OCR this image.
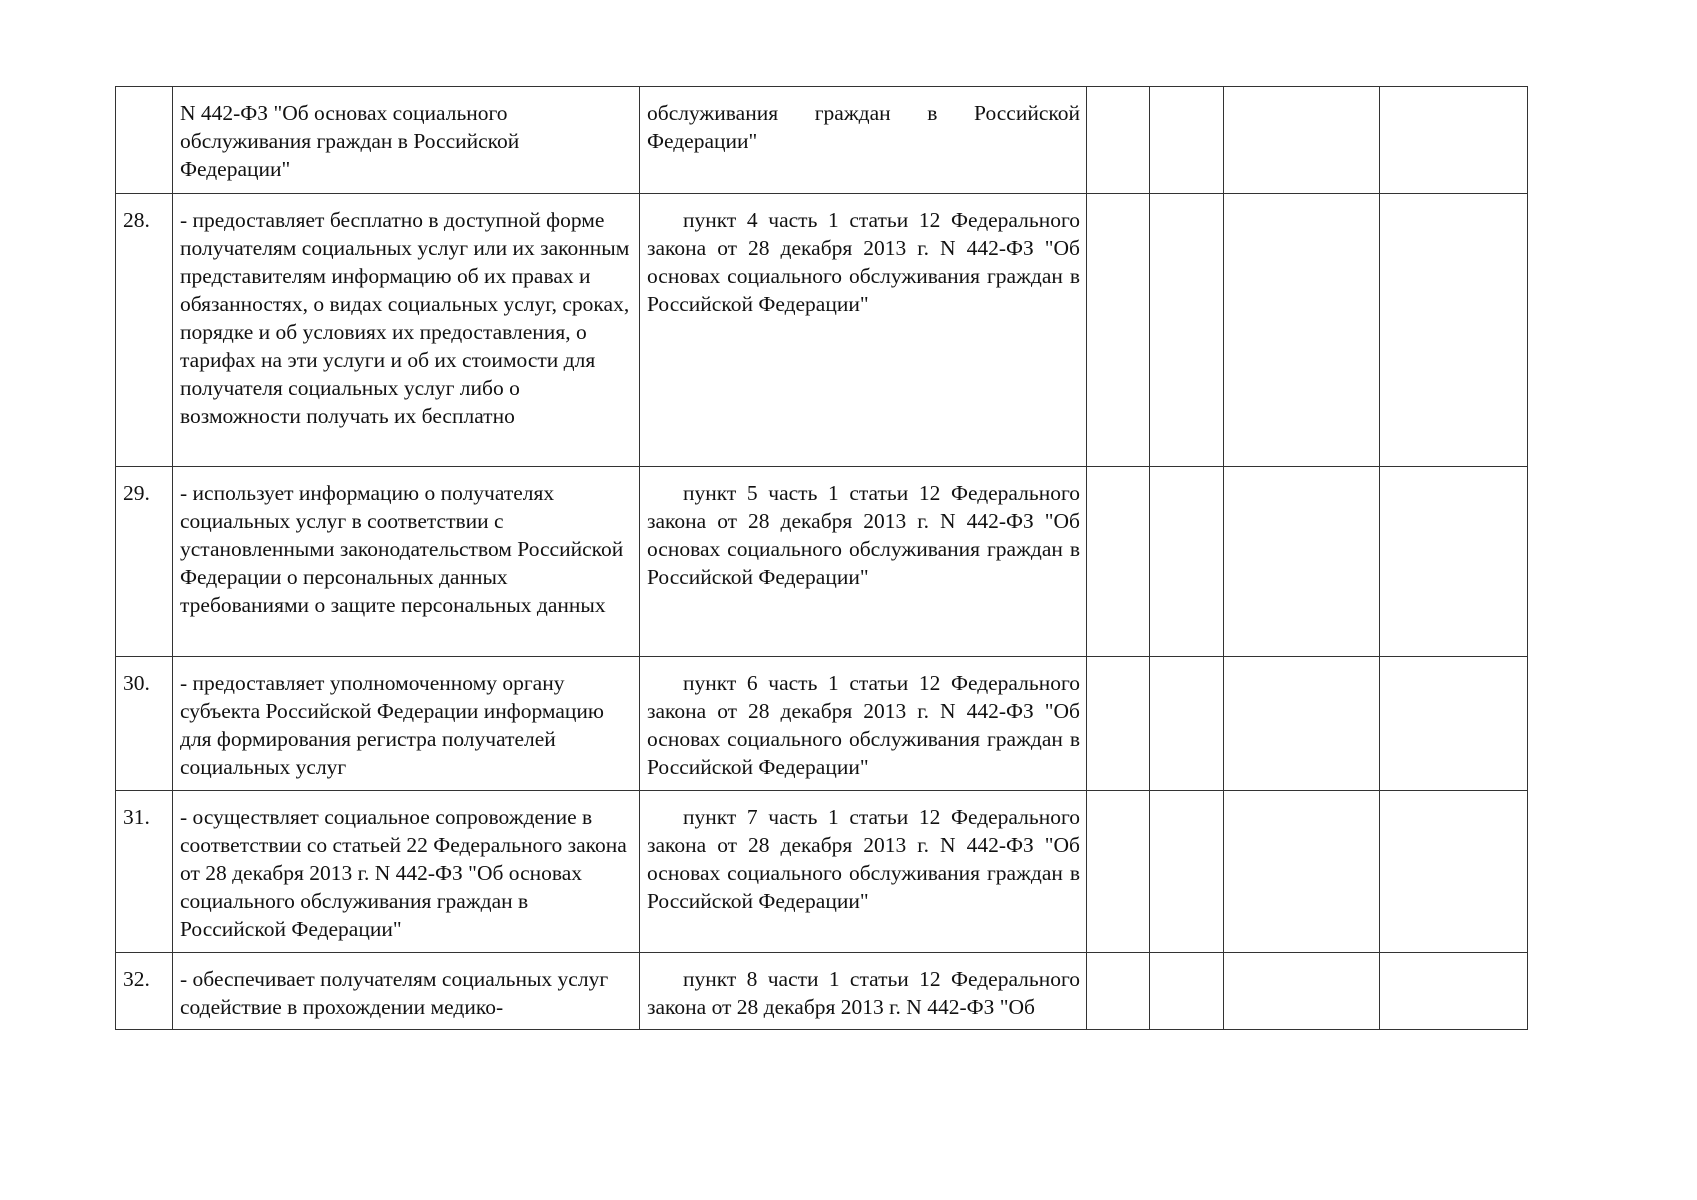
	N 442-ФЗ "Об основах социального обслуживания граждан в Российской Федерации"	обслуживания граждан в Российской Федерации"				

28.	- предоставляет бесплатно в доступной форме получателям социальных услуг или их законным представителям информацию об их правах и обязанностях, о видах социальных услуг, сроках, порядке и об условиях их предоставления, о тарифах на эти услуги и об их стоимости для получателя социальных услуг либо о возможности получать их бесплатно	пункт 4 часть 1 статьи 12 Федерального закона от 28 декабря 2013 г. N 442-ФЗ "Об основах социального обслуживания граждан в Российской Федерации"				

29.	- использует информацию о получателях социальных услуг в соответствии с установленными законодательством Российской Федерации о персональных данных требованиями о защите персональных данных	пункт 5 часть 1 статьи 12 Федерального закона от 28 декабря 2013 г. N 442-ФЗ "Об основах социального обслуживания граждан в Российской Федерации"				

30.	- предоставляет уполномоченному органу субъекта Российской Федерации информацию для формирования регистра получателей социальных услуг	пункт 6 часть 1 статьи 12 Федерального закона от 28 декабря 2013 г. N 442-ФЗ "Об основах социального обслуживания граждан в Российской Федерации"				

31.	- осуществляет социальное сопровождение в соответствии со статьей 22 Федерального закона от 28 декабря 2013 г. N 442-ФЗ "Об основах социального обслуживания граждан в Российской Федерации"	пункт 7 часть 1 статьи 12 Федерального закона от 28 декабря 2013 г. N 442-ФЗ "Об основах социального обслуживания граждан в Российской Федерации"				

32.	- обеспечивает получателям социальных услуг содействие в прохождении медико-	пункт 8 части 1 статьи 12 Федерального закона от 28 декабря 2013 г. N 442-ФЗ "Об				
